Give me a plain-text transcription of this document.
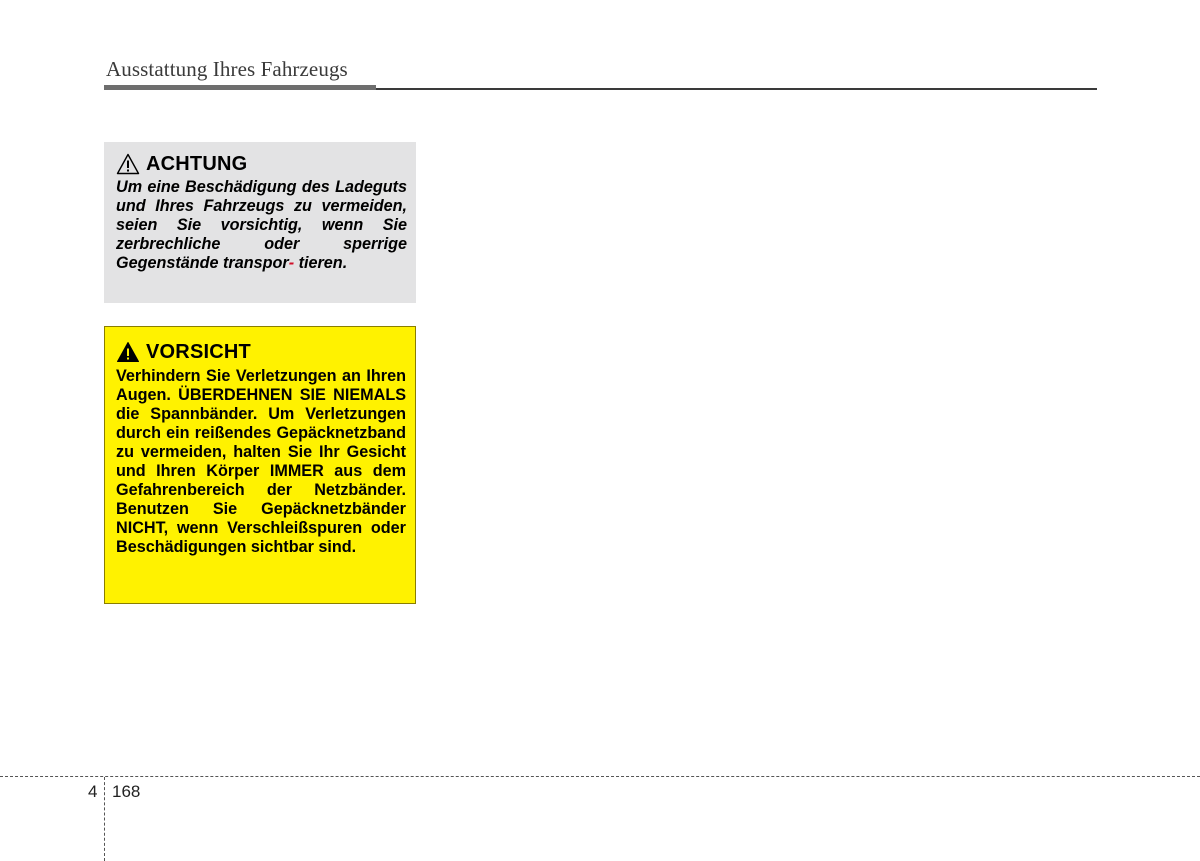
Ausstattung Ihres Fahrzeugs
ACHTUNG

Um eine Beschädigung des Ladeguts und Ihres Fahrzeugs zu vermeiden, seien Sie vorsichtig, wenn Sie zerbrechliche oder	sperrige Gegenstände transpor- tieren.

VORSICHT

Verhindern Sie Verletzungen an Ihren Augen. ÜBERDEHNEN SIE NIEMALS die Spannbänder. Um Verletzungen durch ein reißendes Gepäcknetzband zu vermeiden, halten Sie Ihr Gesicht und Ihren Körper IMMER aus dem Gefahrenbereich der Netzbänder. Benutzen Sie Gepäcknetzbänder NICHT, wenn Verschleißspuren oder Beschädigungen sichtbar sind.

4 168
